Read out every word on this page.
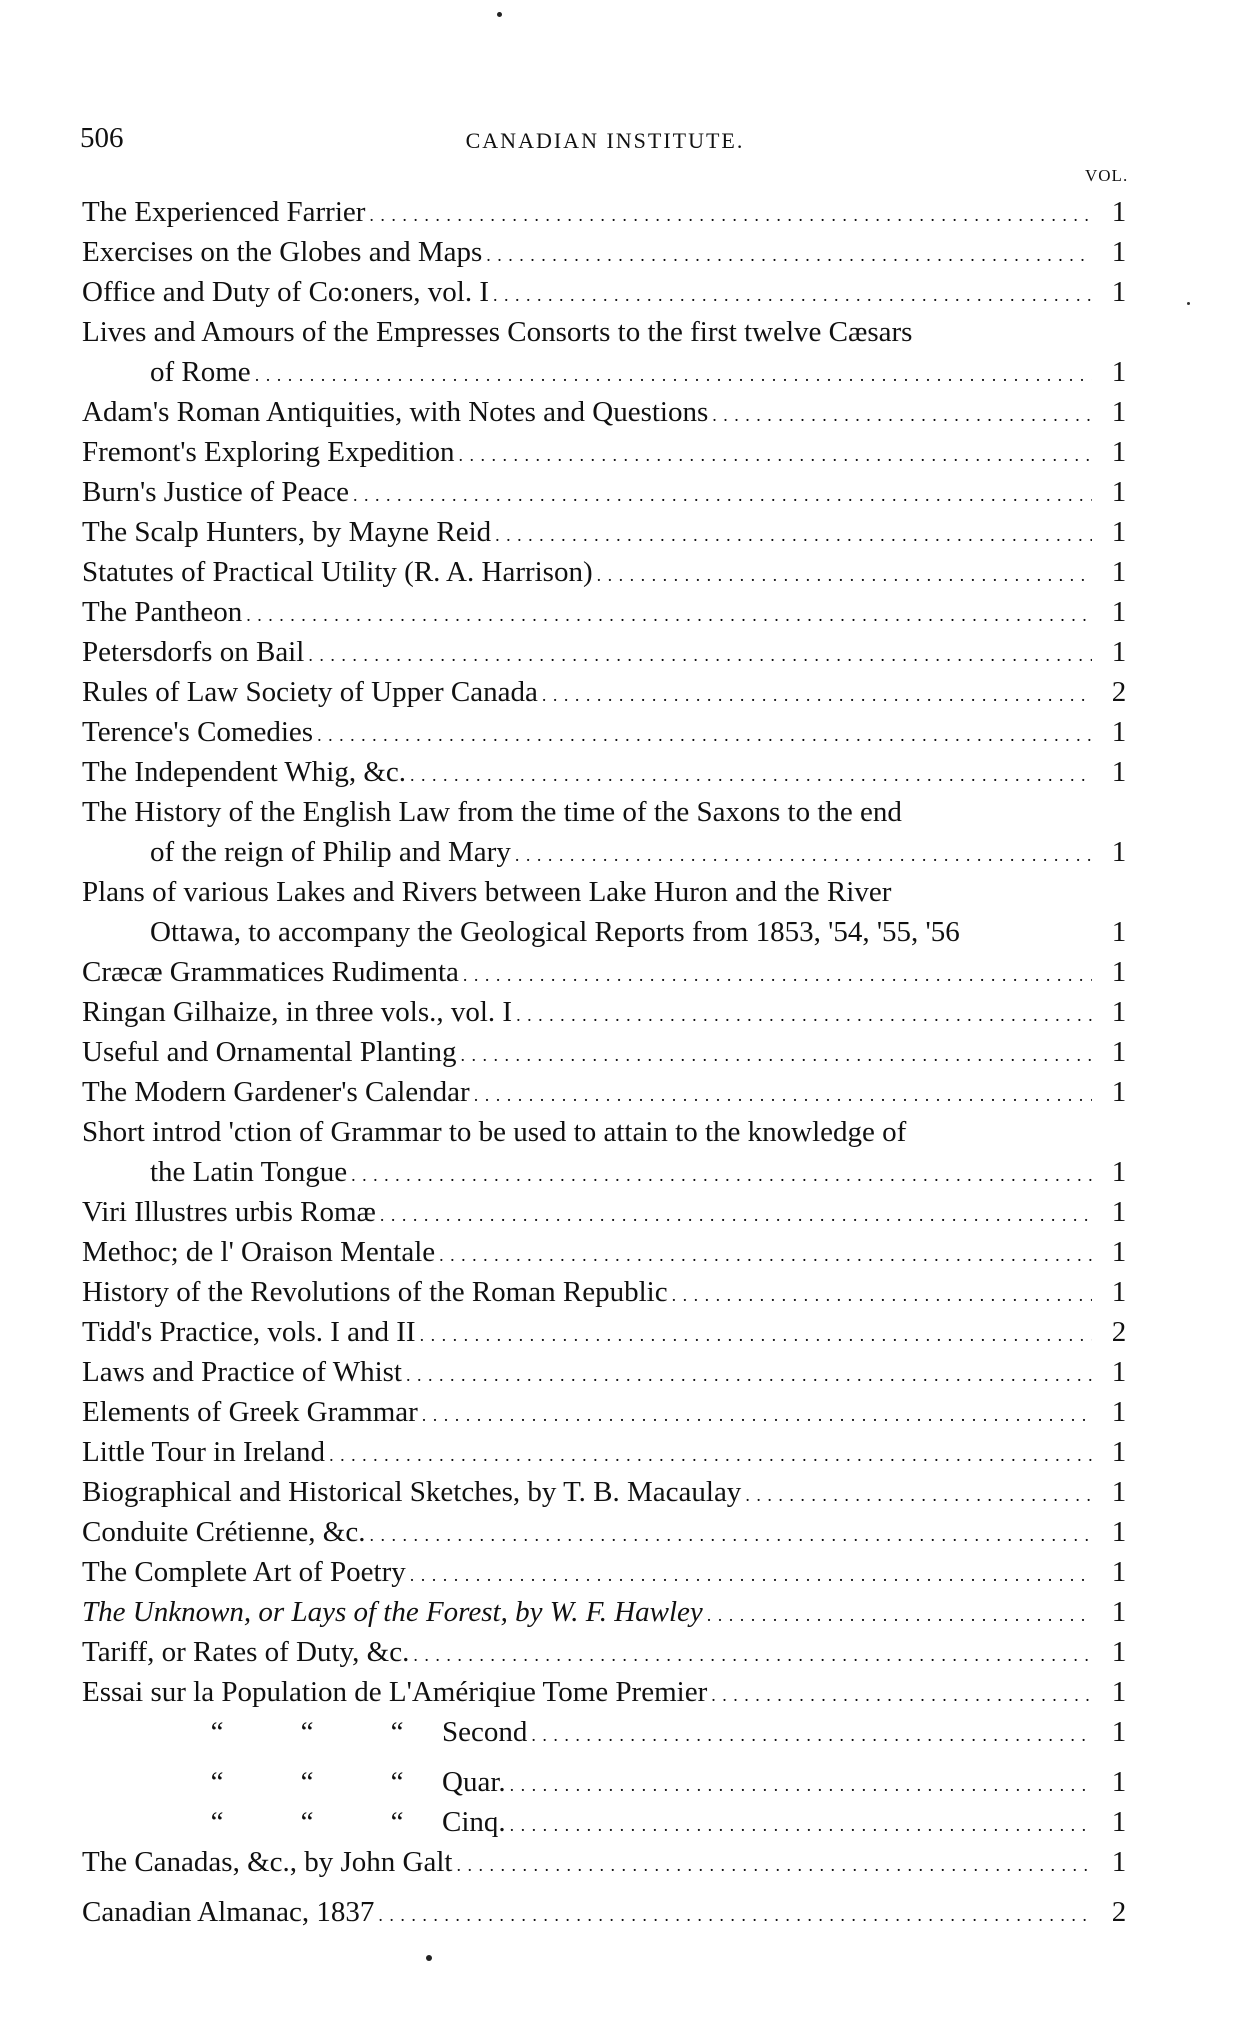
506	CANADIAN INSTITUTE.
VOL.
The Experienced Farrier . . .	1
Exercises on the Globes and Maps . . .	1
Office and Duty of Co:oners, vol. I . . .	1
Lives and Amours of the Empresses Consorts to the first twelve Cæsars
of Rome . . .	1
Adam's Roman Antiquities, with Notes and Questions . . .	1
Fremont's Exploring Expedition . . .	1
Burn's Justice of Peace . . .	1
The Scalp Hunters, by Mayne Reid . . .	1
Statutes of Practical Utility (R. A. Harrison) . . .	1
The Pantheon . . .	1
Petersdorfs on Bail . . .	1
Rules of Law Society of Upper Canada . . .	2
Terence's Comedies . . .	1
The Independent Whig, &c. . . .	1
The History of the English Law from the time of the Saxons to the end
of the reign of Philip and Mary . . .	1
Plans of various Lakes and Rivers between Lake Huron and the River
Ottawa, to accompany the Geological Reports from 1853, '54, '55, '56	1
Cræcæ Grammatices Rudimenta . . .	1
Ringan Gilhaize, in three vols., vol. I . . .	1
Useful and Ornamental Planting . . .	1
The Modern Gardener's Calendar . . .	1
Short introd 'ction of Grammar to be used to attain to the knowledge of
the Latin Tongue . . .	1
Viri Illustres urbis Romæ . . .	1
Methoc; de l' Oraison Mentale . . .	1
History of the Revolutions of the Roman Republic . . .	1
Tidd's Practice, vols. I and II . . .	2
Laws and Practice of Whist . . .	1
Elements of Greek Grammar . . .	1
Little Tour in Ireland . . .	1
Biographical and Historical Sketches, by T. B. Macaulay . . .	1
Conduite Crétienne, &c. . . .	1
The Complete Art of Poetry . . .	1
The Unknown, or Lays of the Forest, by W. F. Hawley . . .	1
Tariff, or Rates of Duty, &c. . . .	1
Essai sur la Population de L'Amériqiue Tome Premier . . .	1
“	“	“	Second . . .	1
“	“	“	Quar. . . .	1
“	“	“	Cinq. . . .	1
The Canadas, &c., by John Galt . . .	1
Canadian Almanac, 1837 . . .	2
